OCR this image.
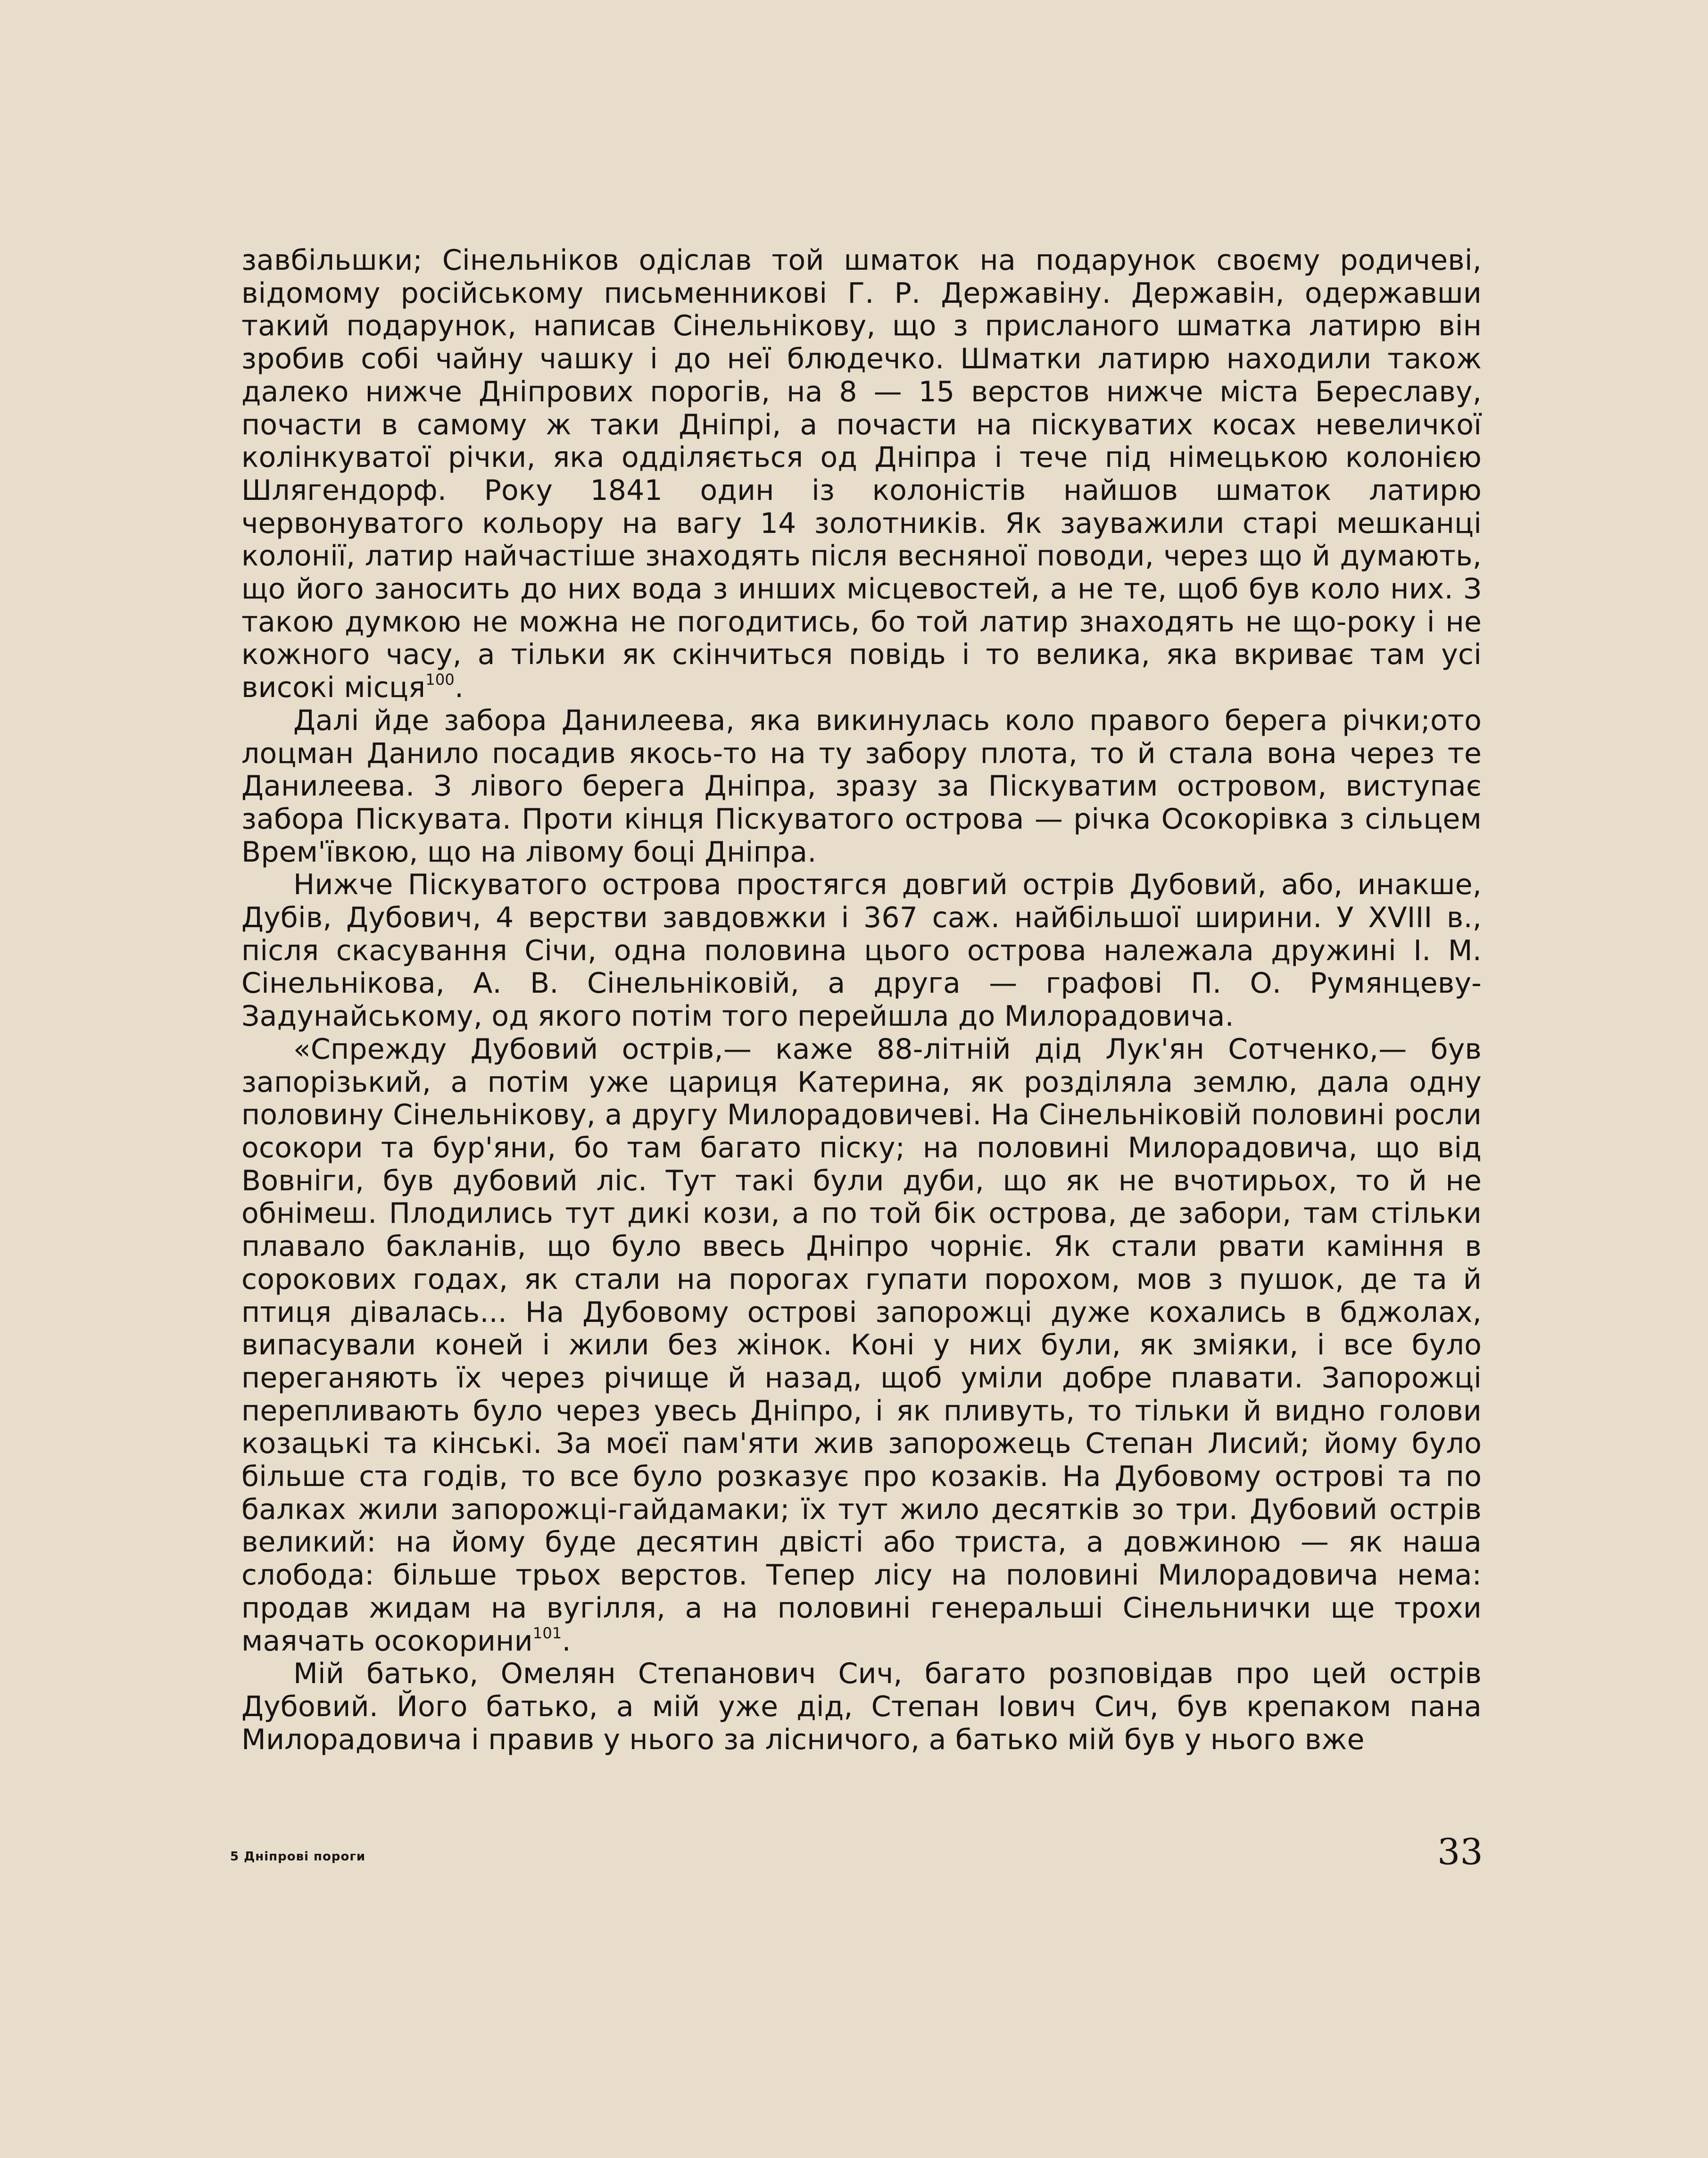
завбільшки; Сінельніков одіслав той шматок на подарунок своєму родичеві, відомому російському письменникові Г. Р. Державіну. Державін, одержавши такий подарунок, написав Сінельнікову, що з присланого шматка латирю він зробив собі чайну чашку і до неї блюдечко. Шматки латирю находили також далеко нижче Дніпрових порогів, на 8 — 15 верстов нижче міста Береславу, почасти в самому ж таки Дніпрі, а почасти на піскуватих косах невеличкої колінкуватої річки, яка одділяється од Дніпра і тече під німецькою колонією Шлягендорф. Року 1841 один із колоністів найшов шматок латирю червонуватого кольору на вагу 14 золотників. Як зауважили старі мешканці колонії, латир найчастіше знаходять після весняної поводи, через що й думають, що його заносить до них вода з инших місцевостей, а не те, щоб був коло них. З такою думкою не можна не погодитись, бо той латир знаходять не що-року і не кожного часу, а тільки як скінчиться повідь і то велика, яка вкриває там усі високі місця$^{100}$.

Далі йде забора Данилеева, яка викинулась коло правого берега річки;ото лоцман Данило посадив якось-то на ту забору плота, то й стала вона через те Данилеева. З лівого берега Дніпра, зразу за Піскуватим островом, виступає забора Піскувата. Проти кінця Піскуватого острова — річка Осокорівка з сільцем Врем'ївкою, що на лівому боці Дніпра.

Нижче Піскуватого острова простягся довгий острів Дубовий, або, инакше, Дубів, Дубович, 4 верстви завдовжки і 367 саж. найбільшої ширини. У XVIII в., після скасування Січи, одна половина цього острова належала дружині І. М. Сінельнікова, А. В. Сінельніковій, а друга — графові П. О. Румянцеву-Задунайському, од якого потім того перейшла до Милорадовича.

«Спрежду Дубовий острів,— каже 88-літній дід Лук'ян Сотченко,— був запорізький, а потім уже цариця Катерина, як розділяла землю, дала одну половину Сінельнікову, а другу Милорадовичеві. На Сінельніковій половині росли осокори та бур'яни, бо там багато піску; на половині Милорадовича, що від Вовніги, був дубовий ліс. Тут такі були дуби, що як не вчотирьох, то й не обнімеш. Плодились тут дикі кози, а по той бік острова, де забори, там стільки плавало бакланів, що було ввесь Дніпро чорніє. Як стали рвати каміння в сорокових годах, як стали на порогах гупати порохом, мов з пушок, де та й птиця дівалась... На Дубовому острові запорожці дуже кохались в бджолах, випасували коней і жили без жінок. Коні у них були, як зміяки, і все було переганяють їх через річище й назад, щоб уміли добре плавати. Запорожці перепливають було через увесь Дніпро, і як пливуть, то тільки й видно голови козацькі та кінські. За моєї пам'яти жив запорожець Степан Лисий; йому було більше ста годів, то все було розказує про козаків. На Дубовому острові та по балках жили запорожці-гайдамаки; їх тут жило десятків зо три. Дубовий острів великий: на йому буде десятин двісті або триста, а довжиною — як наша слобода: більше трьох верстов. Тепер лісу на половині Милорадовича нема: продав жидам на вугілля, а на половині генеральші Сінельнички ще трохи маячать осокорини$^{101}$.

Мій батько, Омелян Степанович Сич, багато розповідав про цей острів Дубовий. Його батько, а мій уже дід, Степан Іович Сич, був крепаком пана Милорадовича і правив у нього за лісничого, а батько мій був у нього вже

5 Дніпрові пороги	33
